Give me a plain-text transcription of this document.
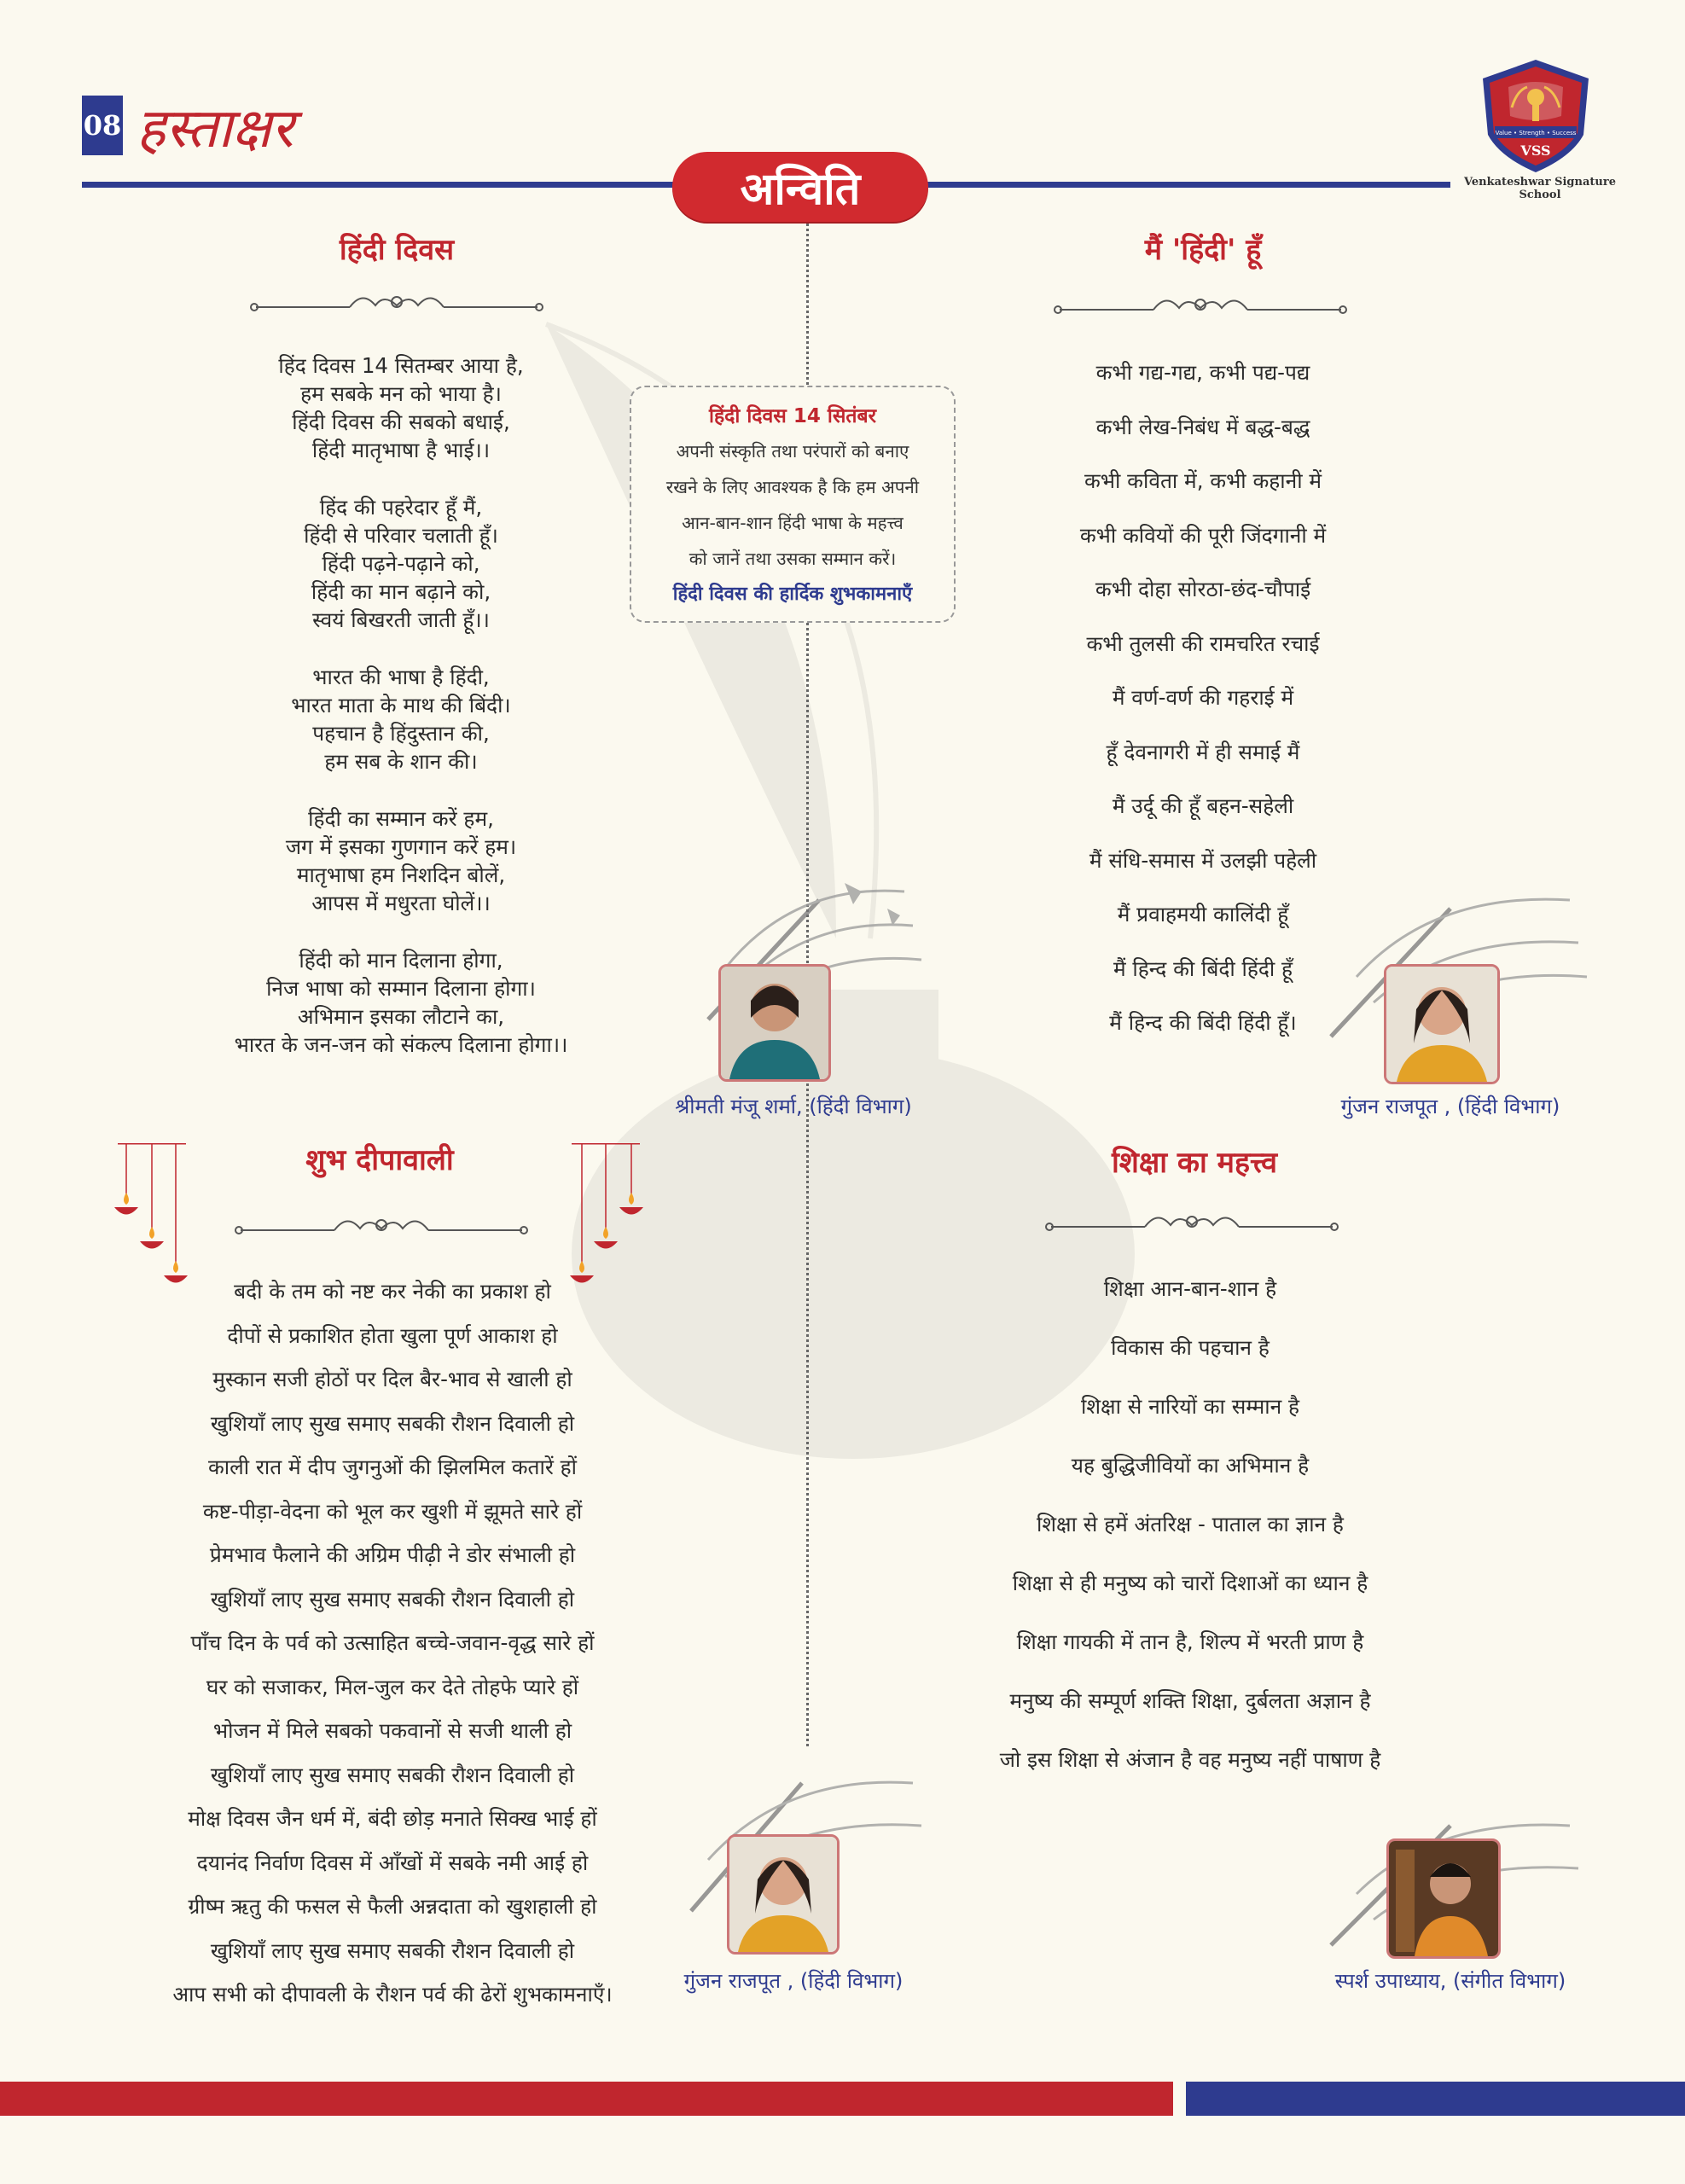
08 हस्ताक्षर
अन्विति
Value • Strength • Success
VSS
Venkateshwar Signature School
हिंदी दिवस
हिंद दिवस 14 सितम्बर आया है,
हम सबके मन को भाया है।
हिंदी दिवस की सबको बधाई,
हिंदी मातृभाषा है भाई।।
हिंद की पहरेदार हूँ मैं,
हिंदी से परिवार चलाती हूँ।
हिंदी पढ़ने-पढ़ाने को,
हिंदी का मान बढ़ाने को,
स्वयं बिखरती जाती हूँ।।
भारत की भाषा है हिंदी,
भारत माता के माथ की बिंदी।
पहचान है हिंदुस्तान की,
हम सब के शान की।
हिंदी का सम्मान करें हम,
जग में इसका गुणगान करें हम।
मातृभाषा हम निशदिन बोलें,
आपस में मधुरता घोलें।।
हिंदी को मान दिलाना होगा,
निज भाषा को सम्मान दिलाना होगा।
अभिमान इसका लौटाने का,
भारत के जन-जन को संकल्प दिलाना होगा।।
हिंदी दिवस 14 सितंबर
अपनी संस्कृति तथा परंपारों को बनाए
रखने के लिए आवश्यक है कि हम अपनी
आन-बान-शान हिंदी भाषा के महत्त्व
को जानें तथा उसका सम्मान करें।
हिंदी दिवस की हार्दिक शुभकामनाएँ
श्रीमती मंजू शर्मा, (हिंदी विभाग)
मैं 'हिंदी' हूँ
कभी गद्य-गद्य, कभी पद्य-पद्य
कभी लेख-निबंध में बद्ध-बद्ध
कभी कविता में, कभी कहानी में
कभी कवियों की पूरी जिंदगानी में
कभी दोहा सोरठा-छंद-चौपाई
कभी तुलसी की रामचरित रचाई
मैं वर्ण-वर्ण की गहराई में
हूँ देवनागरी में ही समाई मैं
मैं उर्दू की हूँ बहन-सहेली
मैं संधि-समास में उलझी पहेली
मैं प्रवाहमयी कालिंदी हूँ
मैं हिन्द की बिंदी हिंदी हूँ
मैं हिन्द की बिंदी हिंदी हूँ।
गुंजन राजपूत , (हिंदी विभाग)
शुभ दीपावाली
बदी के तम को नष्ट कर नेकी का प्रकाश हो
दीपों से प्रकाशित होता खुला पूर्ण आकाश हो
मुस्कान सजी होठों पर दिल बैर-भाव से खाली हो
खुशियाँ लाए सुख समाए सबकी रौशन दिवाली हो
काली रात में दीप जुगनुओं की झिलमिल कतारें हों
कष्ट-पीड़ा-वेदना को भूल कर खुशी में झूमते सारे हों
प्रेमभाव फैलाने की अग्रिम पीढ़ी ने डोर संभाली हो
खुशियाँ लाए सुख समाए सबकी रौशन दिवाली हो
पाँच दिन के पर्व को उत्साहित बच्चे-जवान-वृद्ध सारे हों
घर को सजाकर, मिल-जुल कर देते तोहफे प्यारे हों
भोजन में मिले सबको पकवानों से सजी थाली हो
खुशियाँ लाए सुख समाए सबकी रौशन दिवाली हो
मोक्ष दिवस जैन धर्म में, बंदी छोड़ मनाते सिक्ख भाई हों
दयानंद निर्वाण दिवस में आँखों में सबके नमी आई हो
ग्रीष्म ऋतु की फसल से फैली अन्नदाता को खुशहाली हो
खुशियाँ लाए सुख समाए सबकी रौशन दिवाली हो
आप सभी को दीपावली के रौशन पर्व की ढेरों शुभकामनाएँ।
गुंजन राजपूत , (हिंदी विभाग)
शिक्षा का महत्त्व
शिक्षा आन-बान-शान है
विकास की पहचान है
शिक्षा से नारियों का सम्मान है
यह बुद्धिजीवियों का अभिमान है
शिक्षा से हमें अंतरिक्ष - पाताल का ज्ञान है
शिक्षा से ही मनुष्य को चारों दिशाओं का ध्यान है
शिक्षा गायकी में तान है, शिल्प में भरती प्राण है
मनुष्य की सम्पूर्ण शक्ति शिक्षा, दुर्बलता अज्ञान है
जो इस शिक्षा से अंजान है वह मनुष्य नहीं पाषाण है
स्पर्श उपाध्याय, (संगीत विभाग)
